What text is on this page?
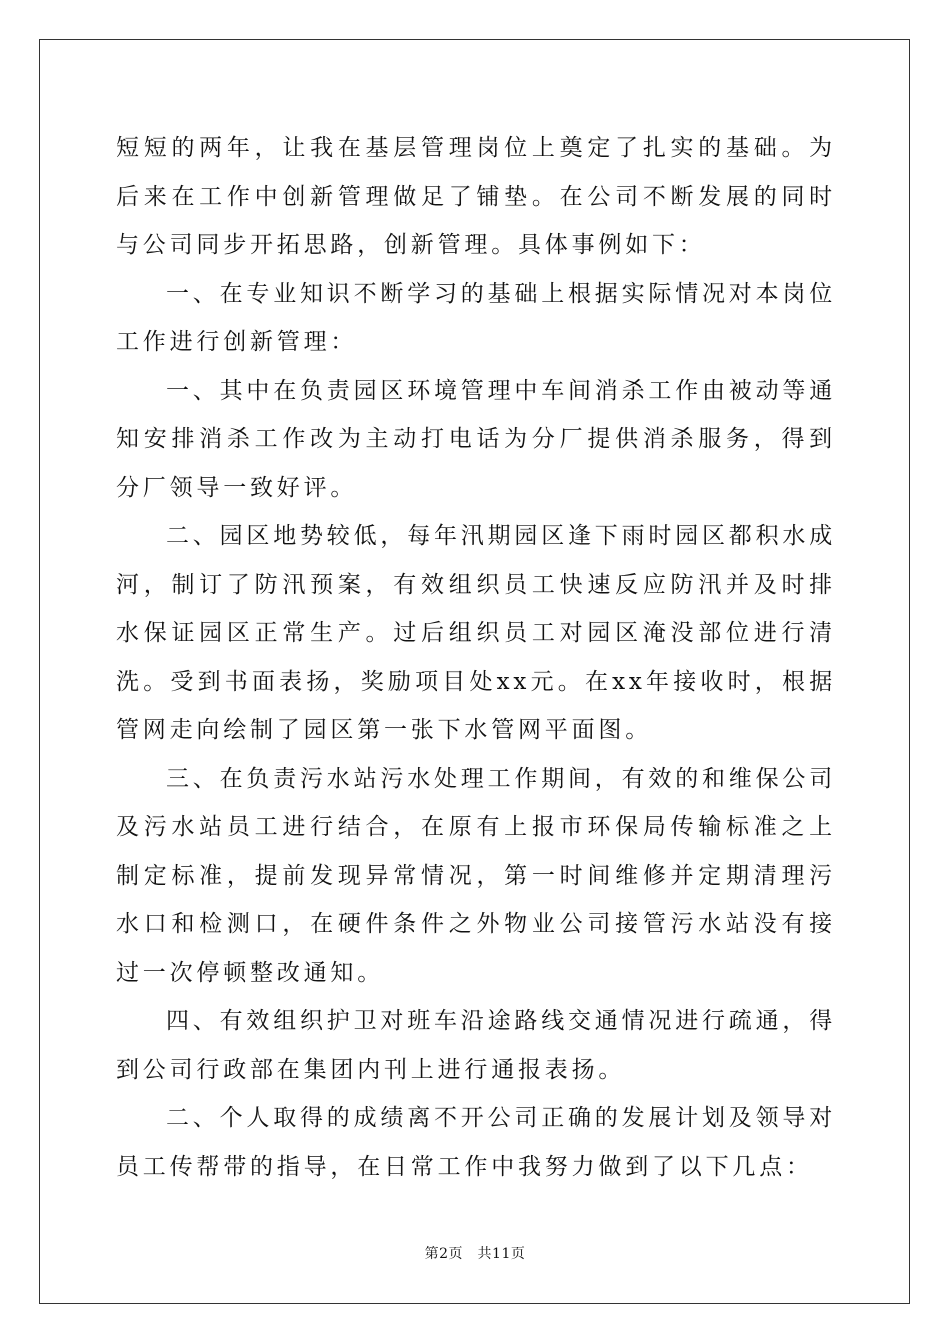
短短的两年，让我在基层管理岗位上奠定了扎实的基础。为后来在工作中创新管理做足了铺垫。在公司不断发展的同时与公司同步开拓思路，创新管理。具体事例如下：

一、在专业知识不断学习的基础上根据实际情况对本岗位工作进行创新管理：

一、其中在负责园区环境管理中车间消杀工作由被动等通知安排消杀工作改为主动打电话为分厂提供消杀服务，得到分厂领导一致好评。

二、园区地势较低，每年汛期园区逢下雨时园区都积水成河，制订了防汛预案，有效组织员工快速反应防汛并及时排水保证园区正常生产。过后组织员工对园区淹没部位进行清洗。受到书面表扬，奖励项目处xx元。在xx年接收时，根据管网走向绘制了园区第一张下水管网平面图。

三、在负责污水站污水处理工作期间，有效的和维保公司及污水站员工进行结合，在原有上报市环保局传输标准之上制定标准，提前发现异常情况，第一时间维修并定期清理污水口和检测口，在硬件条件之外物业公司接管污水站没有接过一次停顿整改通知。

四、有效组织护卫对班车沿途路线交通情况进行疏通，得到公司行政部在集团内刊上进行通报表扬。

二、个人取得的成绩离不开公司正确的发展计划及领导对员工传帮带的指导，在日常工作中我努力做到了以下几点：

第2页　共11页
